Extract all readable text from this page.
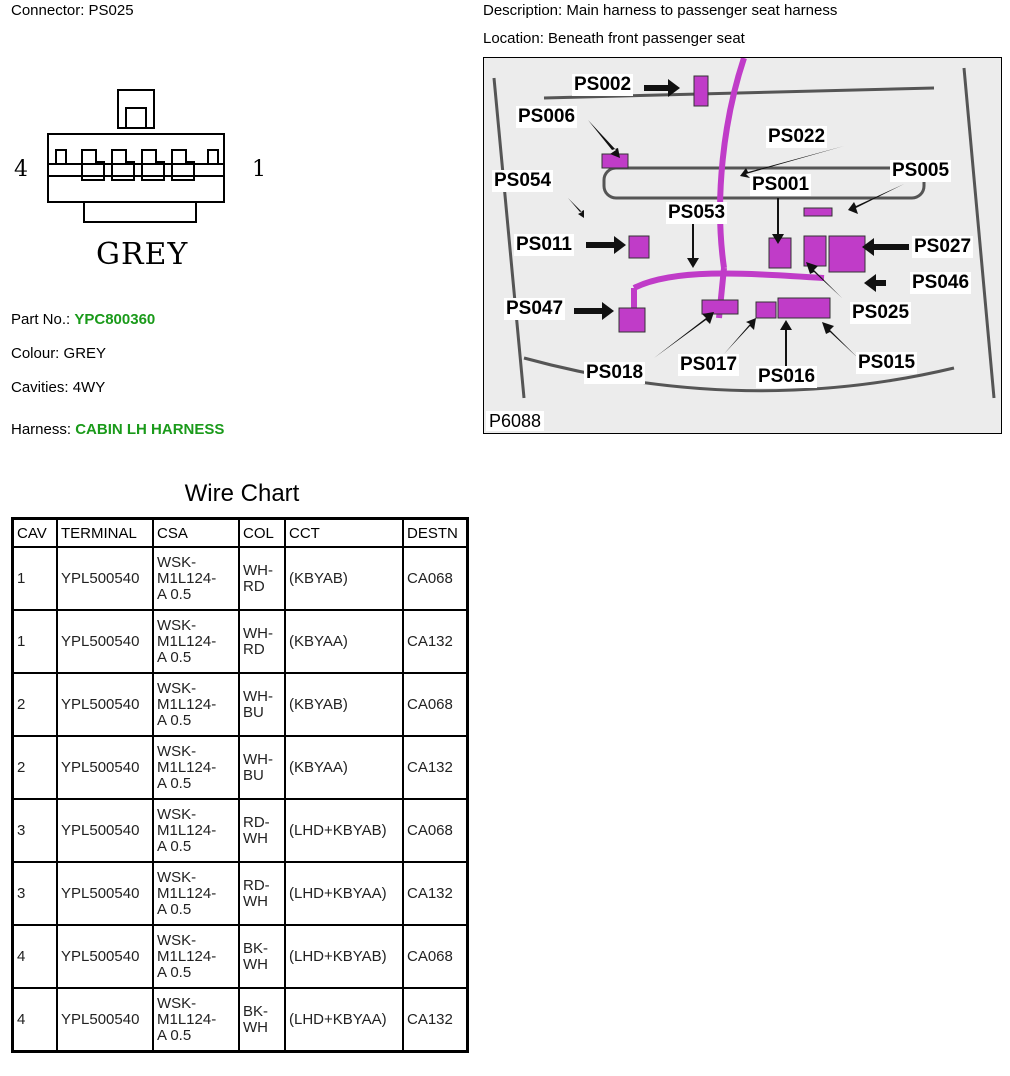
Connector: PS025	Description: Main harness to passenger seat harness
Location: Beneath front passenger seat
4	1
GREY
Part No.: YPC800360
Colour: GREY
Cavities: 4WY
Harness: CABIN LH HARNESS
PS002
PS006
PS022
PS005
PS054	PS001
PS053
PS011	PS027
PS046
PS047	PS025
PS018 PS017
PS016
PS015
P6088
Wire Chart
CAV	TERMINAL	CSA	COL	CCT	DESTN

1	YPL500540	WSK-
M1L124-
A 0.5	WH-
RD	(KBYAB)	CA068

1	YPL500540	WSK-
M1L124-
A 0.5	WH-
RD	(KBYAA)	CA132

2	YPL500540	WSK-
M1L124-
A 0.5	WH-
BU	(KBYAB)	CA068

2	YPL500540	WSK-
M1L124-
A 0.5	WH-
BU	(KBYAA)	CA132

3	YPL500540	WSK-
M1L124-
A 0.5	RD-
WH	(LHD+KBYAB)	CA068

3	YPL500540	WSK-
M1L124-
A 0.5	RD-
WH	(LHD+KBYAA)	CA132

4	YPL500540	WSK-
M1L124-
A 0.5	BK-
WH	(LHD+KBYAB)	CA068

4	YPL500540	WSK-
M1L124-
A 0.5	BK-
WH	(LHD+KBYAA)	CA132
